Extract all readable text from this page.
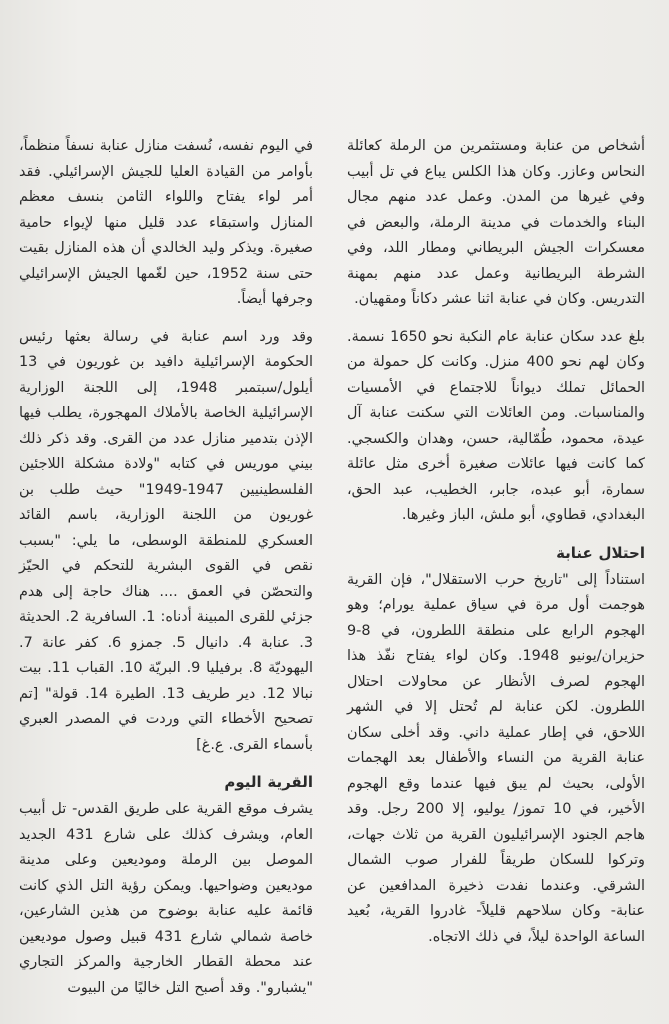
أشخاص من عنابة ومستثمرين من الرملة كعائلة النحاس وعازر. وكان هذا الكلس يباع في تل أبيب وفي غيرها من المدن. وعمل عدد منهم مجال البناء والخدمات في مدينة الرملة، والبعض في معسكرات الجيش البريطاني ومطار اللد، وفي الشرطة البريطانية وعمل عدد منهم بمهنة التدريس. وكان في عنابة اثنا عشر دكاناً ومقهيان.

بلغ عدد سكان عنابة عام النكبة نحو 1650 نسمة. وكان لهم نحو 400 منزل. وكانت كل حمولة من الحمائل تملك ديواناً للاجتماع في الأمسيات والمناسبات. ومن العائلات التي سكنت عنابة آل عيدة، محمود، طُمّالية، حسن، وهدان والكسجي. كما كانت فيها عائلات صغيرة أخرى مثل عائلة سمارة، أبو عبده، جابر، الخطيب، عبد الحق، البغدادي، قطاوي، أبو ملش، الباز وغيرها.

احتلال عنابة

استناداً إلى "تاريخ حرب الاستقلال"، فإن القرية هوجمت أول مرة في سياق عملية يورام؛ وهو الهجوم الرابع على منطقة اللطرون، في 8-9 حزيران/يونيو 1948. وكان لواء يفتاح نفّذ هذا الهجوم لصرف الأنظار عن محاولات احتلال اللطرون. لكن عنابة لم تُحتل إلا في الشهر اللاحق، في إطار عملية داني. وقد أخلى سكان عنابة القرية من النساء والأطفال بعد الهجمات الأولى، بحيث لم يبق فيها عندما وقع الهجوم الأخير، في 10 تموز/ يوليو، إلا 200 رجل. وقد هاجم الجنود الإسرائيليون القرية من ثلاث جهات، وتركوا للسكان طريقاً للفرار صوب الشمال الشرقي. وعندما نفدت ذخيرة المدافعين عن عنابة- وكان سلاحهم قليلاً- غادروا القرية، بُعيد الساعة الواحدة ليلاً، في ذلك الاتجاه.

في اليوم نفسه، نُسفت منازل عنابة نسفاً منظماً، بأوامر من القيادة العليا للجيش الإسرائيلي. فقد أمر لواء يفتاح واللواء الثامن بنسف معظم المنازل واستبقاء عدد قليل منها لإيواء حامية صغيرة. ويذكر وليد الخالدي أن هذه المنازل بقيت حتى سنة 1952، حين لغّمها الجيش الإسرائيلي وجرفها أيضاً.

وقد ورد اسم عنابة في رسالة بعثها رئيس الحكومة الإسرائيلية دافيد بن غوريون في 13 أيلول/سبتمبر 1948، إلى اللجنة الوزارية الإسرائيلية الخاصة بالأملاك المهجورة، يطلب فيها الإذن بتدمير منازل عدد من القرى. وقد ذكر ذلك بيني موريس في كتابه "ولادة مشكلة اللاجئين الفلسطينيين 1947-1949" حيث طلب بن غوريون من اللجنة الوزارية، باسم القائد العسكري للمنطقة الوسطى، ما يلي: "بسبب نقص في القوى البشرية للتحكم في الحيّز والتحصّن في العمق .... هناك حاجة إلى هدم جزئي للقرى المبينة أدناه: 1. السافرية 2. الحديثة 3. عنابة 4. دانيال 5. جمزو 6. كفر عانة 7. اليهوديّة 8. برفيليا 9. البريّة 10. القباب 11. بيت نبالا 12. دير طريف 13. الطيرة 14. قولة" [تم تصحيح الأخطاء التي وردت في المصدر العبري بأسماء القرى. ع.غ]

القرية اليوم

يشرف موقع القرية على طريق القدس- تل أبيب العام، ويشرف كذلك على شارع 431 الجديد الموصل بين الرملة وموديعين وعلى مدينة موديعين وضواحيها. ويمكن رؤية التل الذي كانت قائمة عليه عنابة بوضوح من هذين الشارعين، خاصة شمالي شارع 431 قبيل وصول موديعين عند محطة القطار الخارجية والمركز التجاري "يشبارو". وقد أصبح التل خاليًا من البيوت
